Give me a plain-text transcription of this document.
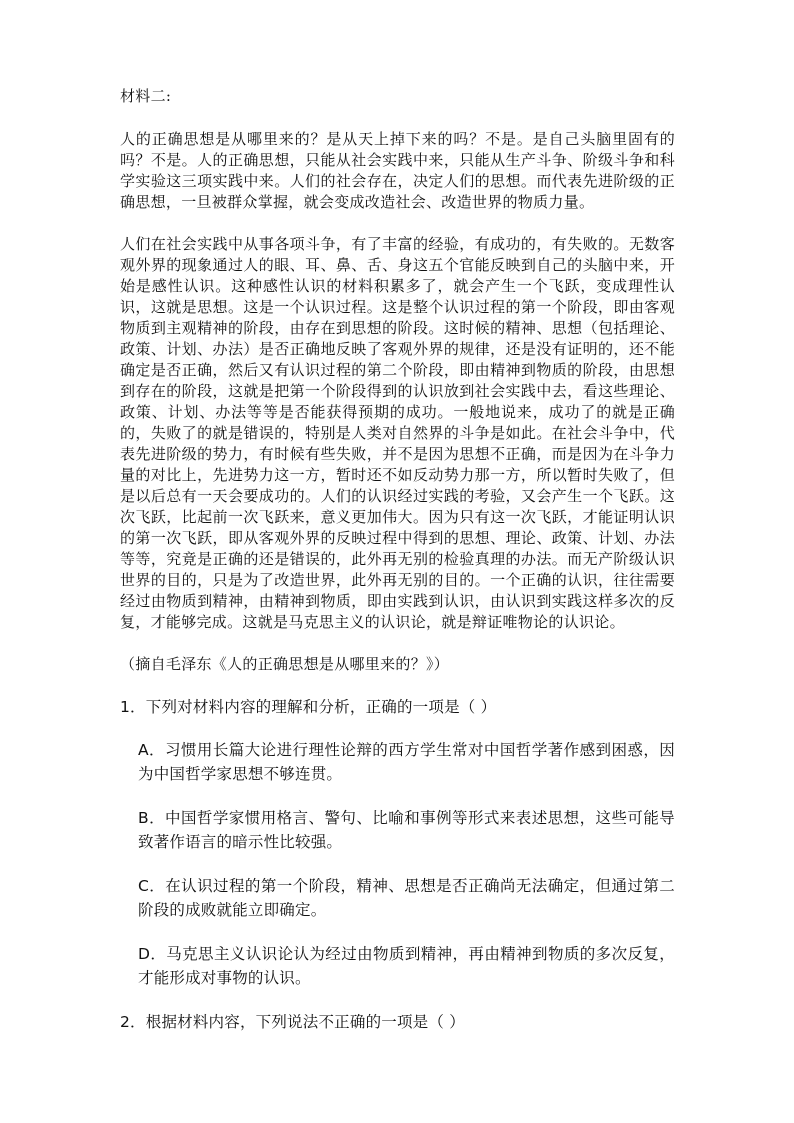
材料二:

人的正确思想是从哪里来的？是从天上掉下来的吗？不是。是自己头脑里固有的吗？不是。人的正确思想，只能从社会实践中来，只能从生产斗争、阶级斗争和科学实验这三项实践中来。人们的社会存在，决定人们的思想。而代表先进阶级的正确思想，一旦被群众掌握，就会变成改造社会、改造世界的物质力量。

人们在社会实践中从事各项斗争，有了丰富的经验，有成功的，有失败的。无数客观外界的现象通过人的眼、耳、鼻、舌、身这五个官能反映到自己的头脑中来，开始是感性认识。这种感性认识的材料积累多了，就会产生一个飞跃，变成理性认识，这就是思想。这是一个认识过程。这是整个认识过程的第一个阶段，即由客观物质到主观精神的阶段，由存在到思想的阶段。这时候的精神、思想（包括理论、政策、计划、办法）是否正确地反映了客观外界的规律，还是没有证明的，还不能确定是否正确，然后又有认识过程的第二个阶段，即由精神到物质的阶段，由思想到存在的阶段，这就是把第一个阶段得到的认识放到社会实践中去，看这些理论、政策、计划、办法等等是否能获得预期的成功。一般地说来，成功了的就是正确的，失败了的就是错误的，特别是人类对自然界的斗争是如此。在社会斗争中，代表先进阶级的势力，有时候有些失败，并不是因为思想不正确，而是因为在斗争力量的对比上，先进势力这一方，暂时还不如反动势力那一方，所以暂时失败了，但是以后总有一天会要成功的。人们的认识经过实践的考验，又会产生一个飞跃。这次飞跃，比起前一次飞跃来，意义更加伟大。因为只有这一次飞跃，才能证明认识的第一次飞跃，即从客观外界的反映过程中得到的思想、理论、政策、计划、办法等等，究竟是正确的还是错误的，此外再无别的检验真理的办法。而无产阶级认识世界的目的，只是为了改造世界，此外再无别的目的。一个正确的认识，往往需要经过由物质到精神，由精神到物质，即由实践到认识，由认识到实践这样多次的反复，才能够完成。这就是马克思主义的认识论，就是辩证唯物论的认识论。

（摘自毛泽东《人的正确思想是从哪里来的？》）

1．下列对材料内容的理解和分析，正确的一项是（ ）

A．习惯用长篇大论进行理性论辩的西方学生常对中国哲学著作感到困惑，因为中国哲学家思想不够连贯。

B．中国哲学家惯用格言、警句、比喻和事例等形式来表述思想，这些可能导致著作语言的暗示性比较强。

C．在认识过程的第一个阶段，精神、思想是否正确尚无法确定，但通过第二阶段的成败就能立即确定。

D．马克思主义认识论认为经过由物质到精神，再由精神到物质的多次反复，才能形成对事物的认识。

2．根据材料内容，下列说法不正确的一项是（ ）
